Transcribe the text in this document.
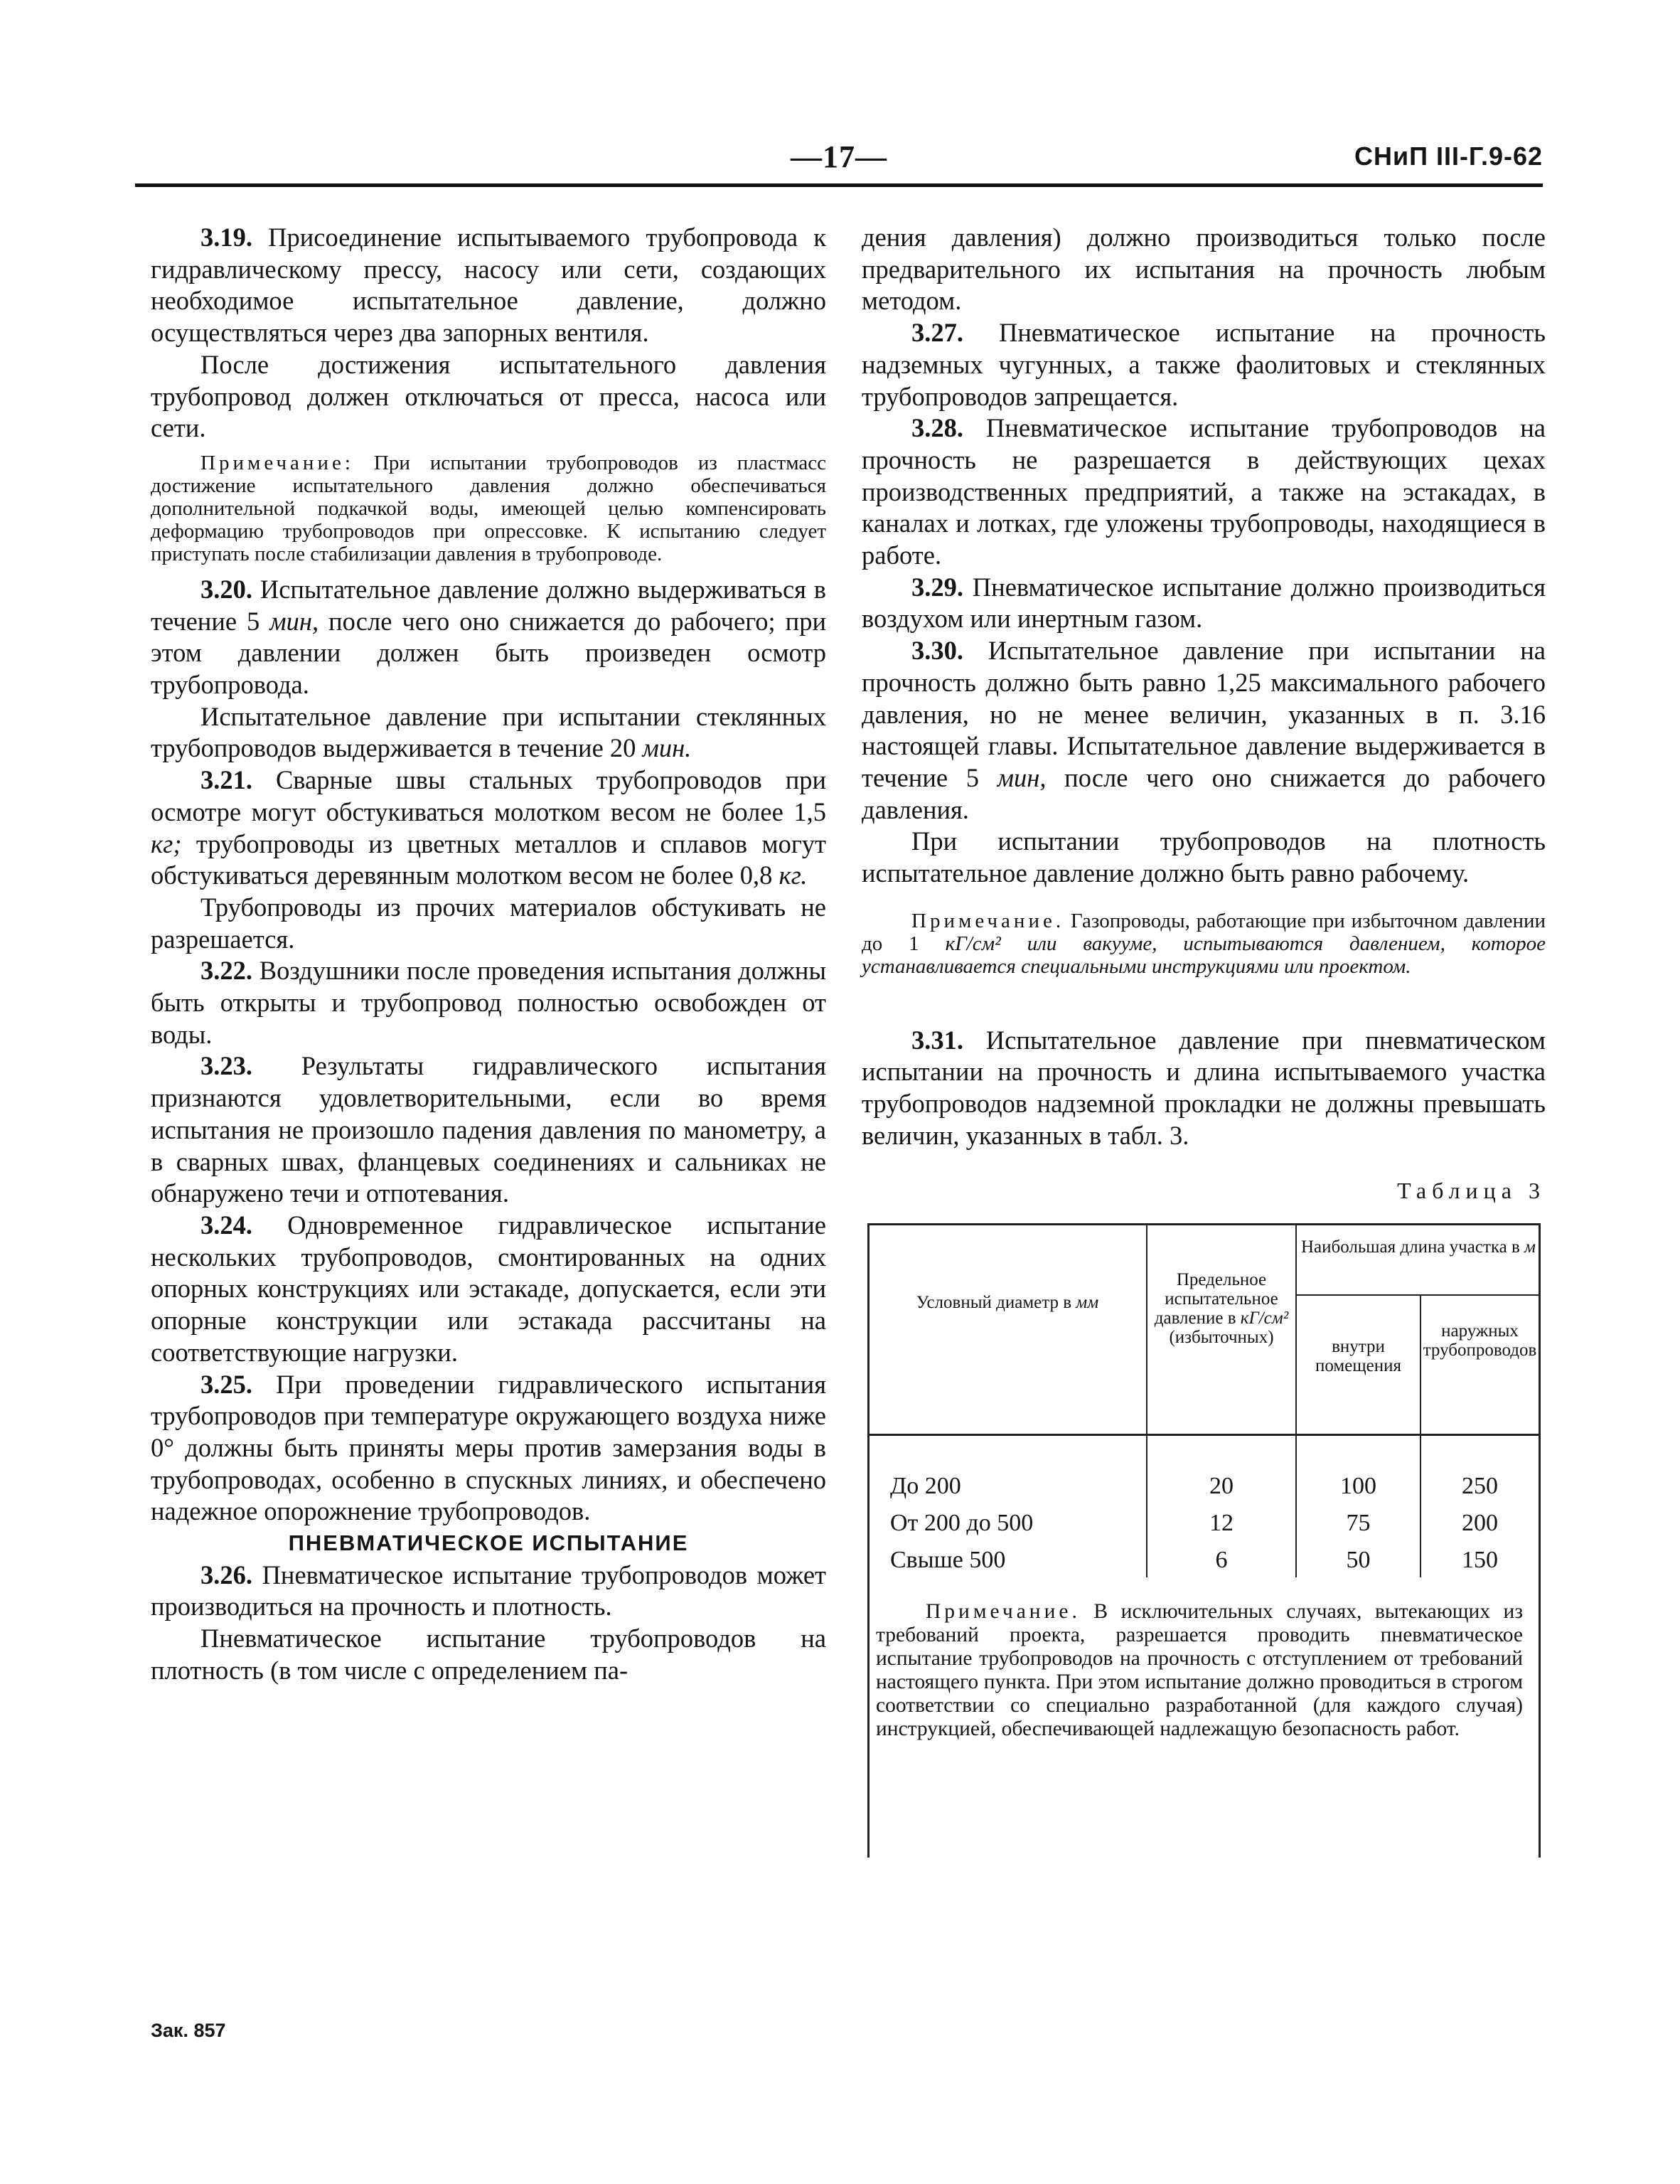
—17—	СНиП III-Г.9-62

3.19. Присоединение испытываемого трубопровода к гидравлическому прессу, насосу или сети, создающих необходимое испытательное давление, должно осуществляться через два запорных вентиля.

После достижения испытательного давления трубопровод должен отключаться от пресса, насоса или сети.

Примечание: При испытании трубопроводов из пластмасс достижение испытательного давления должно обеспечиваться дополнительной подкачкой воды, имеющей целью компенсировать деформацию трубопроводов при опрессовке. К испытанию следует приступать после стабилизации давления в трубопроводе.

3.20. Испытательное давление должно выдерживаться в течение 5 мин, после чего оно снижается до рабочего; при этом давлении должен быть произведен осмотр трубопровода.

Испытательное давление при испытании стеклянных трубопроводов выдерживается в течение 20 мин.

3.21. Сварные швы стальных трубопроводов при осмотре могут обстукиваться молотком весом не более 1,5 кг; трубопроводы из цветных металлов и сплавов могут обстукиваться деревянным молотком весом не более 0,8 кг.

Трубопроводы из прочих материалов обстукивать не разрешается.

3.22. Воздушники после проведения испытания должны быть открыты и трубопровод полностью освобожден от воды.

3.23. Результаты гидравлического испытания признаются удовлетворительными, если во время испытания не произошло падения давления по манометру, а в сварных швах, фланцевых соединениях и сальниках не обнаружено течи и отпотевания.

3.24. Одновременное гидравлическое испытание нескольких трубопроводов, смонтированных на одних опорных конструкциях или эстакаде, допускается, если эти опорные конструкции или эстакада рассчитаны на соответствующие нагрузки.

3.25. При проведении гидравлического испытания трубопроводов при температуре окружающего воздуха ниже 0° должны быть приняты меры против замерзания воды в трубопроводах, особенно в спускных линиях, и обеспечено надежное опорожнение трубопроводов.

ПНЕВМАТИЧЕСКОЕ ИСПЫТАНИЕ

3.26. Пневматическое испытание трубопроводов может производиться на прочность и плотность.

Пневматическое испытание трубопроводов на плотность (в том числе с определением па-

дения давления) должно производиться только после предварительного их испытания на прочность любым методом.

3.27. Пневматическое испытание на прочность надземных чугунных, а также фаолитовых и стеклянных трубопроводов запрещается.

3.28. Пневматическое испытание трубопроводов на прочность не разрешается в действующих цехах производственных предприятий, а также на эстакадах, в каналах и лотках, где уложены трубопроводы, находящиеся в работе.

3.29. Пневматическое испытание должно производиться воздухом или инертным газом.

3.30. Испытательное давление при испытании на прочность должно быть равно 1,25 максимального рабочего давления, но не менее величин, указанных в п. 3.16 настоящей главы. Испытательное давление выдерживается в течение 5 мин, после чего оно снижается до рабочего давления.

При испытании трубопроводов на плотность испытательное давление должно быть равно рабочему.

Примечание. Газопроводы, работающие при избыточном давлении до 1 кГ/см² или вакууме, испытываются давлением, которое устанавливается специальными инструкциями или проектом.

3.31. Испытательное давление при пневматическом испытании на прочность и длина испытываемого участка трубопроводов надземной прокладки не должны превышать величин, указанных в табл. 3.

Таблица 3
Условный диаметр в мм
Предельное испытательное давление в кГ/см² (избыточных)
Наибольшая длина участка в м
внутри помещения
наружных трубопроводов
До 200	20	100	250
От 200 до 500	12	75	200
Свыше 500	6	50	150
Примечание. В исключительных случаях, вытекающих из требований проекта, разрешается проводить пневматическое испытание трубопроводов на прочность с отступлением от требований настоящего пункта. При этом испытание должно проводиться в строгом соответствии со специально разработанной (для каждого случая) инструкцией, обеспечивающей надлежащую безопасность работ.
Зак. 857
